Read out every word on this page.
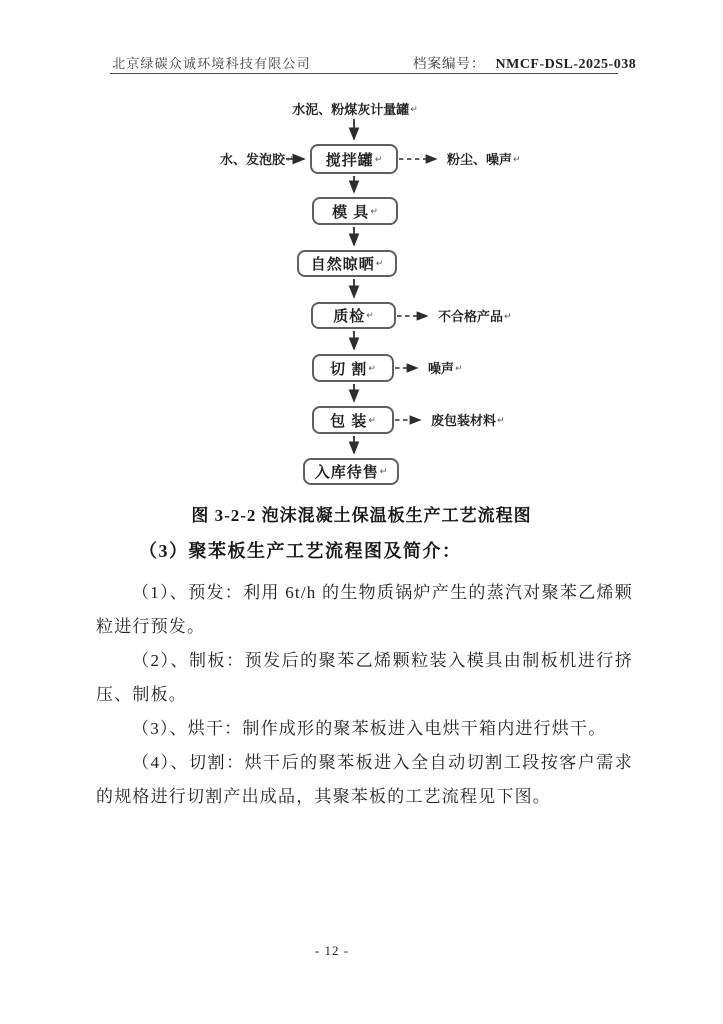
北京绿碳众诚环境科技有限公司	档案编号： NMCF-DSL-2025-038
水泥、粉煤灰计量罐↵
水、发泡胶↵	粉尘、噪声↵
不合格产品↵
噪声↵
废包装材料↵
搅拌罐 ↵
模 具 ↵
自然晾晒 ↵
质检 ↵
切 割 ↵
包 装 ↵
入库待售 ↵
图 3-2-2 泡沫混凝土保温板生产工艺流程图
（3）聚苯板生产工艺流程图及简介：
（1）、预发：利用 6t/h 的生物质锅炉产生的蒸汽对聚苯乙烯颗
粒进行预发。
（2）、制板：预发后的聚苯乙烯颗粒装入模具由制板机进行挤
压、制板。
（3）、烘干：制作成形的聚苯板进入电烘干箱内进行烘干。
（4）、切割：烘干后的聚苯板进入全自动切割工段按客户需求
的规格进行切割产出成品，其聚苯板的工艺流程见下图。
- 12 -
